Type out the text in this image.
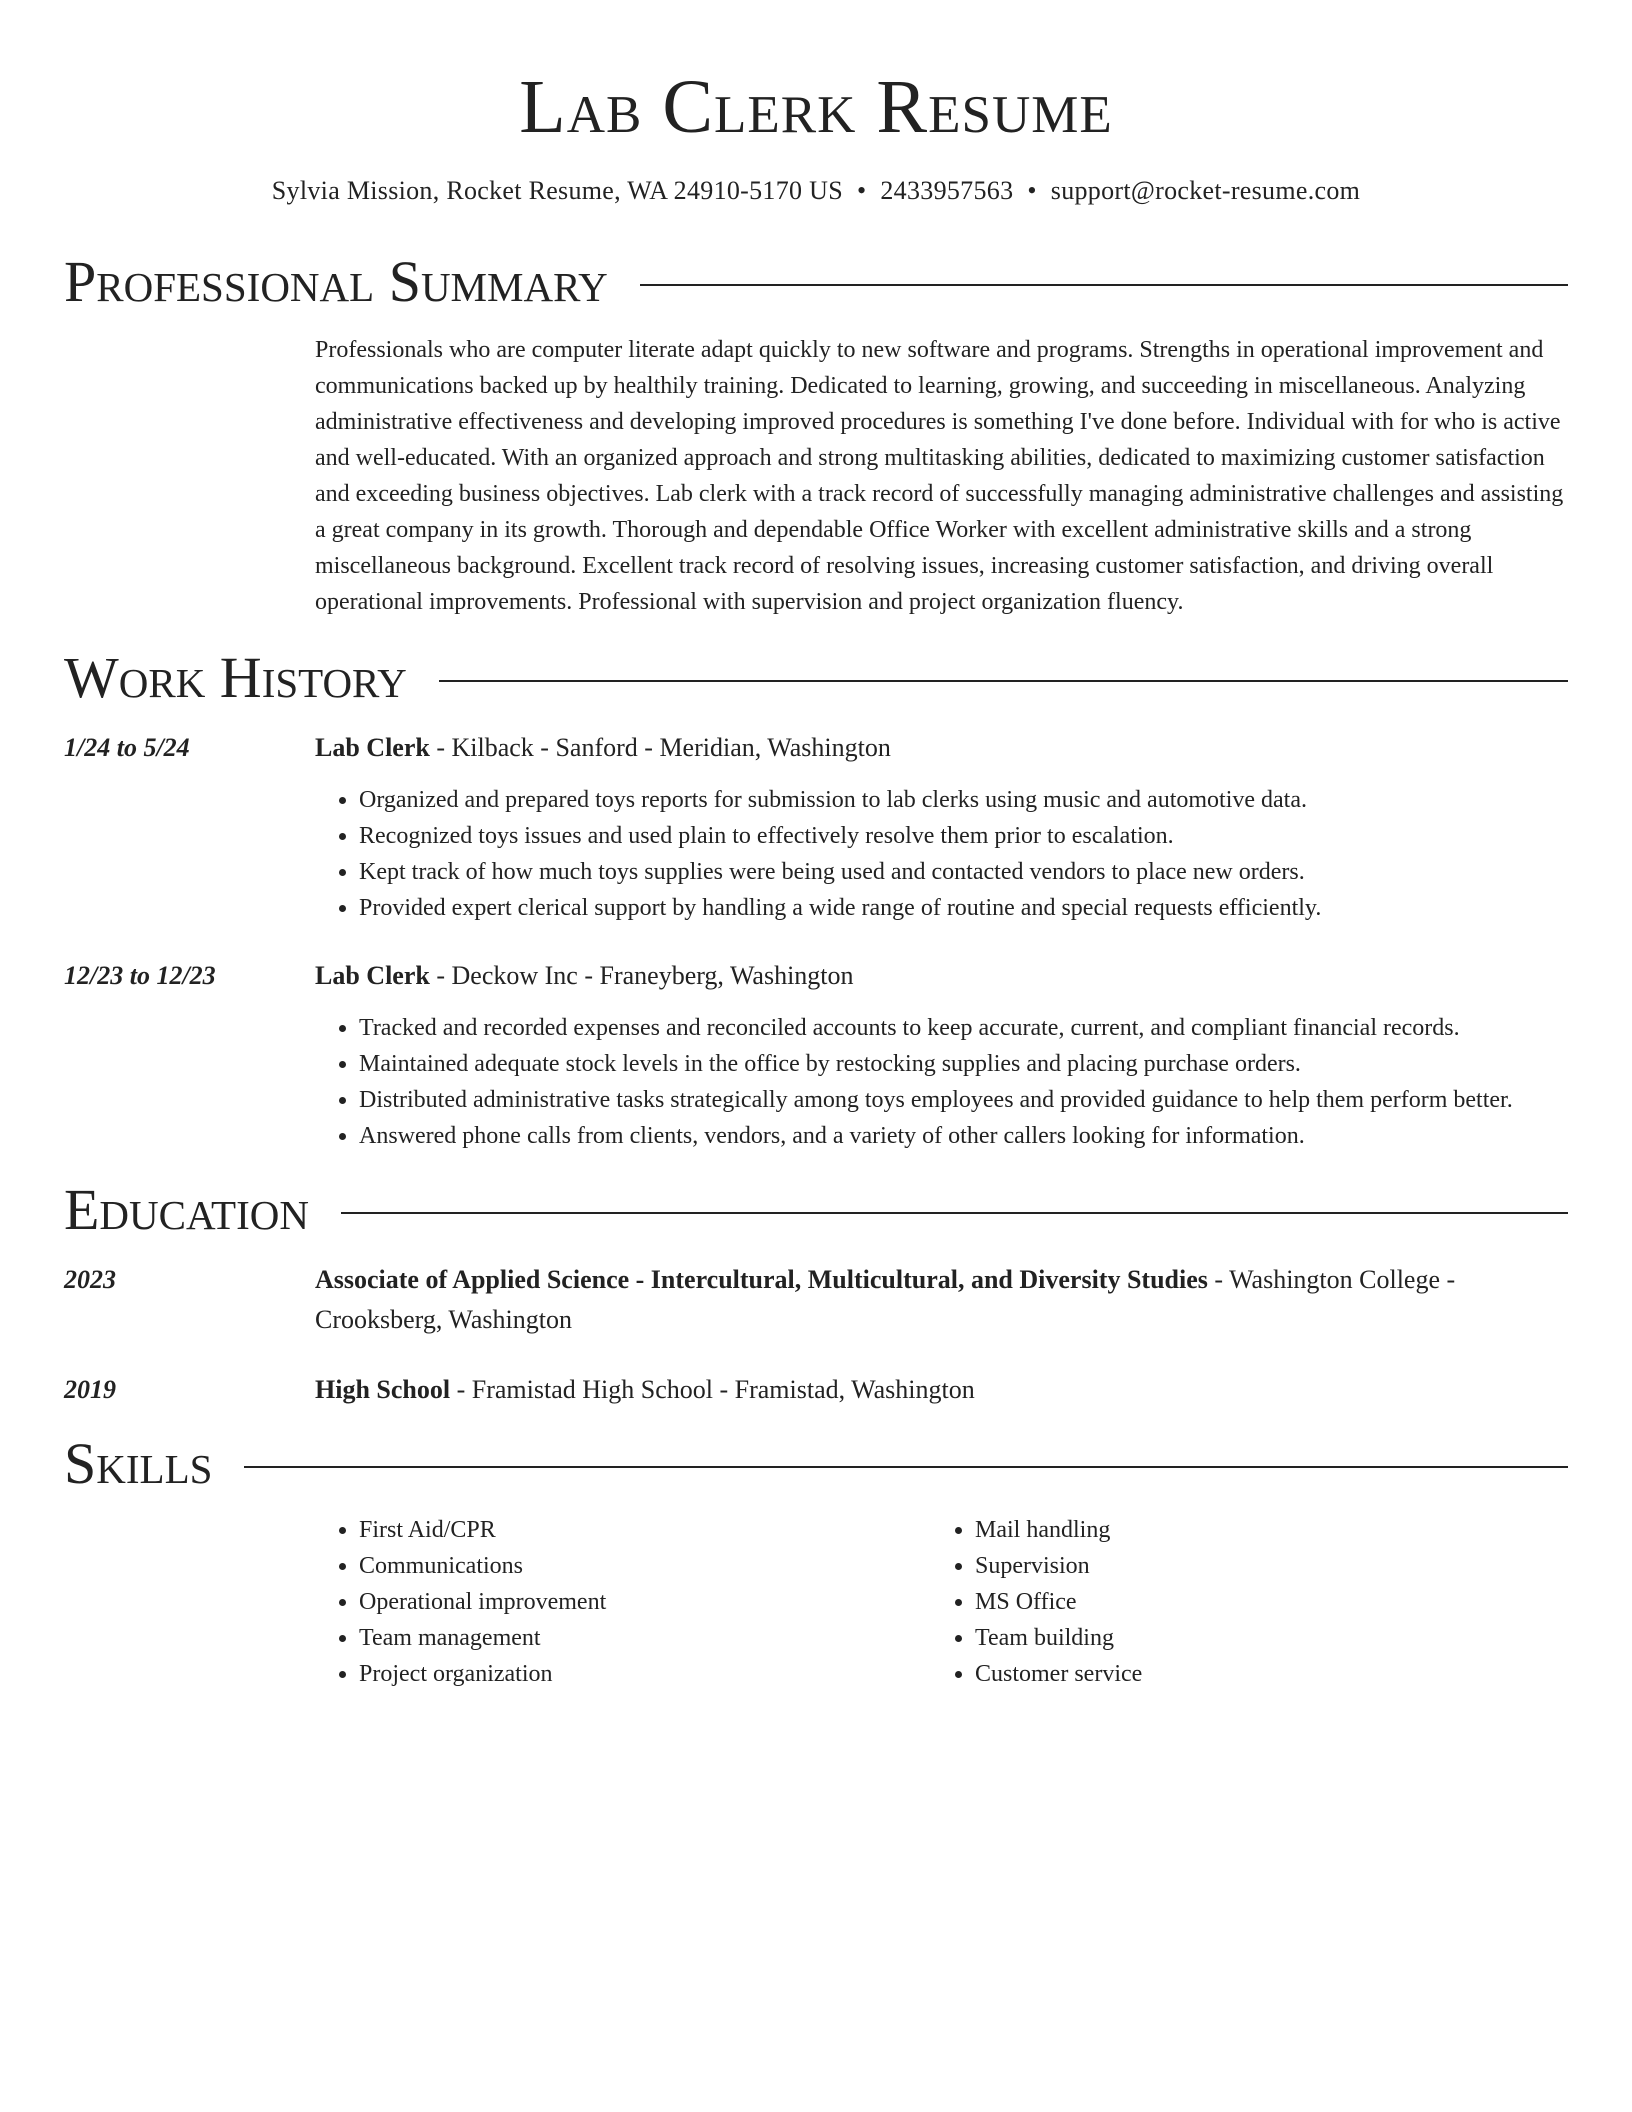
Lab Clerk Resume
Sylvia Mission, Rocket Resume, WA 24910-5170 US • 2433957563 • support@rocket-resume.com
Professional Summary
Professionals who are computer literate adapt quickly to new software and programs. Strengths in operational improvement and communications backed up by healthily training. Dedicated to learning, growing, and succeeding in miscellaneous. Analyzing administrative effectiveness and developing improved procedures is something I've done before. Individual with for who is active and well-educated. With an organized approach and strong multitasking abilities, dedicated to maximizing customer satisfaction and exceeding business objectives. Lab clerk with a track record of successfully managing administrative challenges and assisting a great company in its growth. Thorough and dependable Office Worker with excellent administrative skills and a strong miscellaneous background. Excellent track record of resolving issues, increasing customer satisfaction, and driving overall operational improvements. Professional with supervision and project organization fluency.
Work History
1/24 to 5/24	Lab Clerk - Kilback - Sanford - Meridian, Washington
• Organized and prepared toys reports for submission to lab clerks using music and automotive data.
• Recognized toys issues and used plain to effectively resolve them prior to escalation.
• Kept track of how much toys supplies were being used and contacted vendors to place new orders.
• Provided expert clerical support by handling a wide range of routine and special requests efficiently.
12/23 to 12/23	Lab Clerk - Deckow Inc - Franeyberg, Washington
• Tracked and recorded expenses and reconciled accounts to keep accurate, current, and compliant financial records.
• Maintained adequate stock levels in the office by restocking supplies and placing purchase orders.
• Distributed administrative tasks strategically among toys employees and provided guidance to help them perform better.
• Answered phone calls from clients, vendors, and a variety of other callers looking for information.
Education
2023	Associate of Applied Science - Intercultural, Multicultural, and Diversity Studies - Washington College - Crooksberg, Washington
2019	High School - Framistad High School - Framistad, Washington
Skills
• First Aid/CPR
• Communications
• Operational improvement
• Team management
• Project organization
• Mail handling
• Supervision
• MS Office
• Team building
• Customer service
